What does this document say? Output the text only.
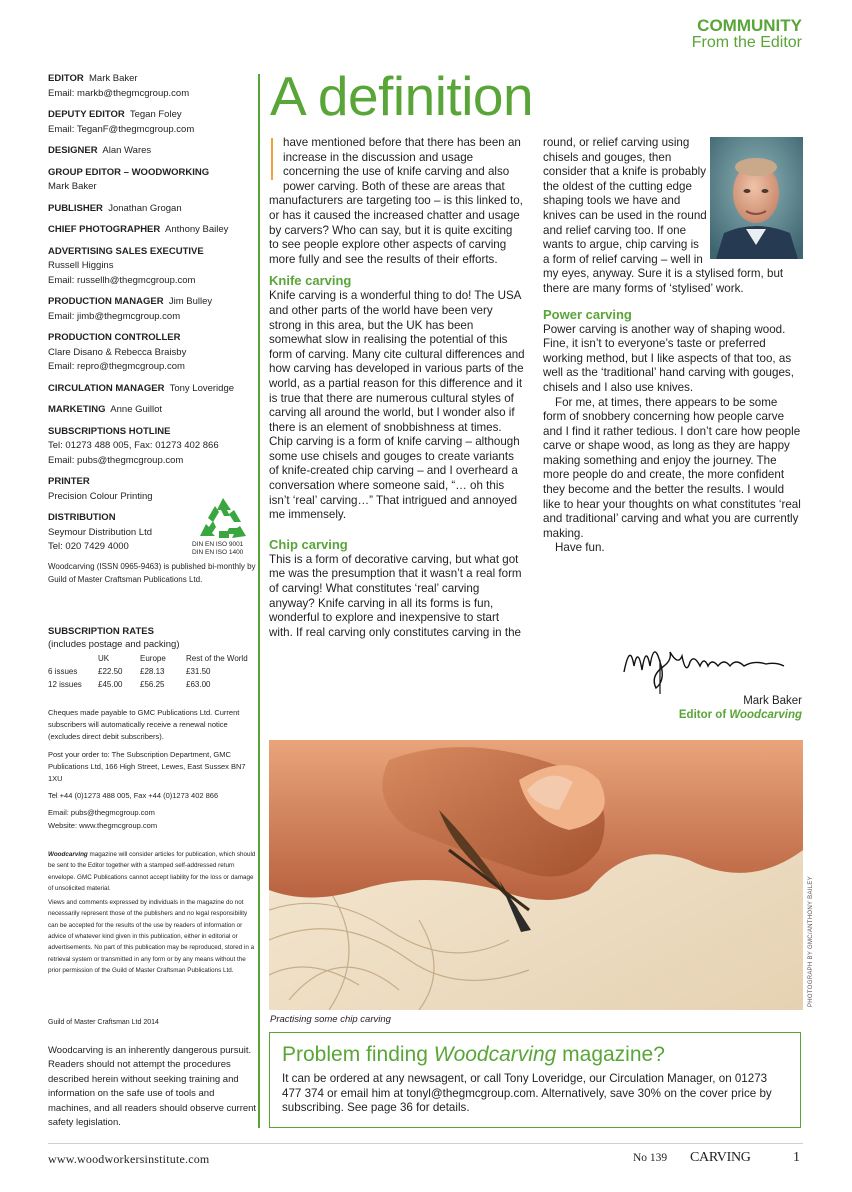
COMMUNITY
From the Editor
EDITOR Mark Baker
Email: markb@thegmcgroup.com
DEPUTY EDITOR Tegan Foley
Email: TeganF@thegmcgroup.com
DESIGNER Alan Wares
GROUP EDITOR – WOODWORKING
Mark Baker
PUBLISHER Jonathan Grogan
CHIEF PHOTOGRAPHER Anthony Bailey
ADVERTISING SALES EXECUTIVE
Russell Higgins
Email: russellh@thegmcgroup.com
PRODUCTION MANAGER Jim Bulley
Email: jimb@thegmcgroup.com
PRODUCTION CONTROLLER
Clare Disano & Rebecca Braisby
Email: repro@thegmcgroup.com
CIRCULATION MANAGER Tony Loveridge
MARKETING Anne Guillot
SUBSCRIPTIONS HOTLINE
Tel: 01273 488 005, Fax: 01273 402 866
Email: pubs@thegmcgroup.com
PRINTER
Precision Colour Printing
DISTRIBUTION
Seymour Distribution Ltd
Tel: 020 7429 4000	DIN EN ISO 9001
DIN EN ISO 1400
Woodcarving (ISSN 0965-9463) is published bi-monthly by Guild of Master Craftsman Publications Ltd.
SUBSCRIPTION RATES
(includes postage and packing)
	UK	Europe	Rest of the World
6 issues	£22.50	£28.13	£31.50
12 issues	£45.00	£56.25	£63.00

Cheques made payable to GMC Publications Ltd. Current subscribers will automatically receive a renewal notice (excludes direct debit subscribers).

Post your order to: The Subscription Department, GMC Publications Ltd, 166 High Street, Lewes, East Sussex BN7 1XU

Tel +44 (0)1273 488 005, Fax +44 (0)1273 402 866

Email: pubs@thegmcgroup.com

Website: www.thegmcgroup.com

Woodcarving magazine will consider articles for publication, which should be sent to the Editor together with a stamped self-addressed return envelope. GMC Publications cannot accept liability for the loss or damage of unsolicited material.

Views and comments expressed by individuals in the magazine do not necessarily represent those of the publishers and no legal responsibility can be accepted for the results of the use by readers of information or advice of whatever kind given in this publication, either in editorial or advertisements. No part of this publication may be reproduced, stored in a retrieval system or transmitted in any form or by any means without the prior permission of the Guild of Master Craftsman Publications Ltd.

Guild of Master Craftsman Ltd 2014
Woodcarving is an inherently dangerous pursuit. Readers should not attempt the procedures described herein without seeking training and information on the safe use of tools and machines, and all readers should observe current safety legislation.
A definition

have mentioned before that there has been an increase in the discussion and usage concerning the use of knife carving and also power carving. Both of these are areas that manufacturers are targeting too – is this linked to, or has it caused the increased chatter and usage by carvers? Who can say, but it is quite exciting to see people explore other aspects of carving more fully and see the results of their efforts.

Knife carving

Knife carving is a wonderful thing to do! The USA and other parts of the world have been very strong in this area, but the UK has been somewhat slow in realising the potential of this form of carving. Many cite cultural differences and how carving has developed in various parts of the world, as a partial reason for this difference and it is true that there are numerous cultural styles of carving all around the world, but I wonder also if there is an element of snobbishness at times. Chip carving is a form of knife carving – although some use chisels and gouges to create variants of knife-created chip carving – and I overheard a conversation where someone said, “… oh this isn’t ‘real’ carving…” That intrigued and annoyed me immensely.

Chip carving

This is a form of decorative carving, but what got me was the presumption that it wasn’t a real form of carving! What constitutes ‘real’ carving anyway? Knife carving in all its forms is fun, wonderful to explore and inexpensive to start with. If real carving only constitutes carving in the

round, or relief carving using chisels and gouges, then consider that a knife is probably the oldest of the cutting edge shaping tools we have and knives can be used in the round and relief carving too. If one wants to argue, chip carving is a form of relief carving – well in my eyes, anyway. Sure it is a stylised form, but there are many forms of ‘stylised’ work.

Power carving

Power carving is another way of shaping wood. Fine, it isn’t to everyone’s taste or preferred working method, but I like aspects of that too, as well as the ‘traditional’ hand carving with gouges, chisels and I also use knives.

For me, at times, there appears to be some form of snobbery concerning how people carve and I find it rather tedious. I don’t care how people carve or shape wood, as long as they are happy making something and enjoy the journey. The more people do and create, the more confident they become and the better the results. I would like to hear your thoughts on what constitutes ‘real and traditional’ carving and what you are currently making.

Have fun.

Mark Baker
Editor of Woodcarving
PHOTOGRAPH BY GMC/ANTHONY BAILEY
Practising some chip carving
Problem finding Woodcarving magazine?
It can be ordered at any newsagent, or call Tony Loveridge, our Circulation Manager, on 01273 477 374 or email him at tonyl@thegmcgroup.com. Alternatively, save 30% on the cover price by subscribing. See page 36 for details.
www.woodworkersinstitute.com	No 139 CARVING	1
